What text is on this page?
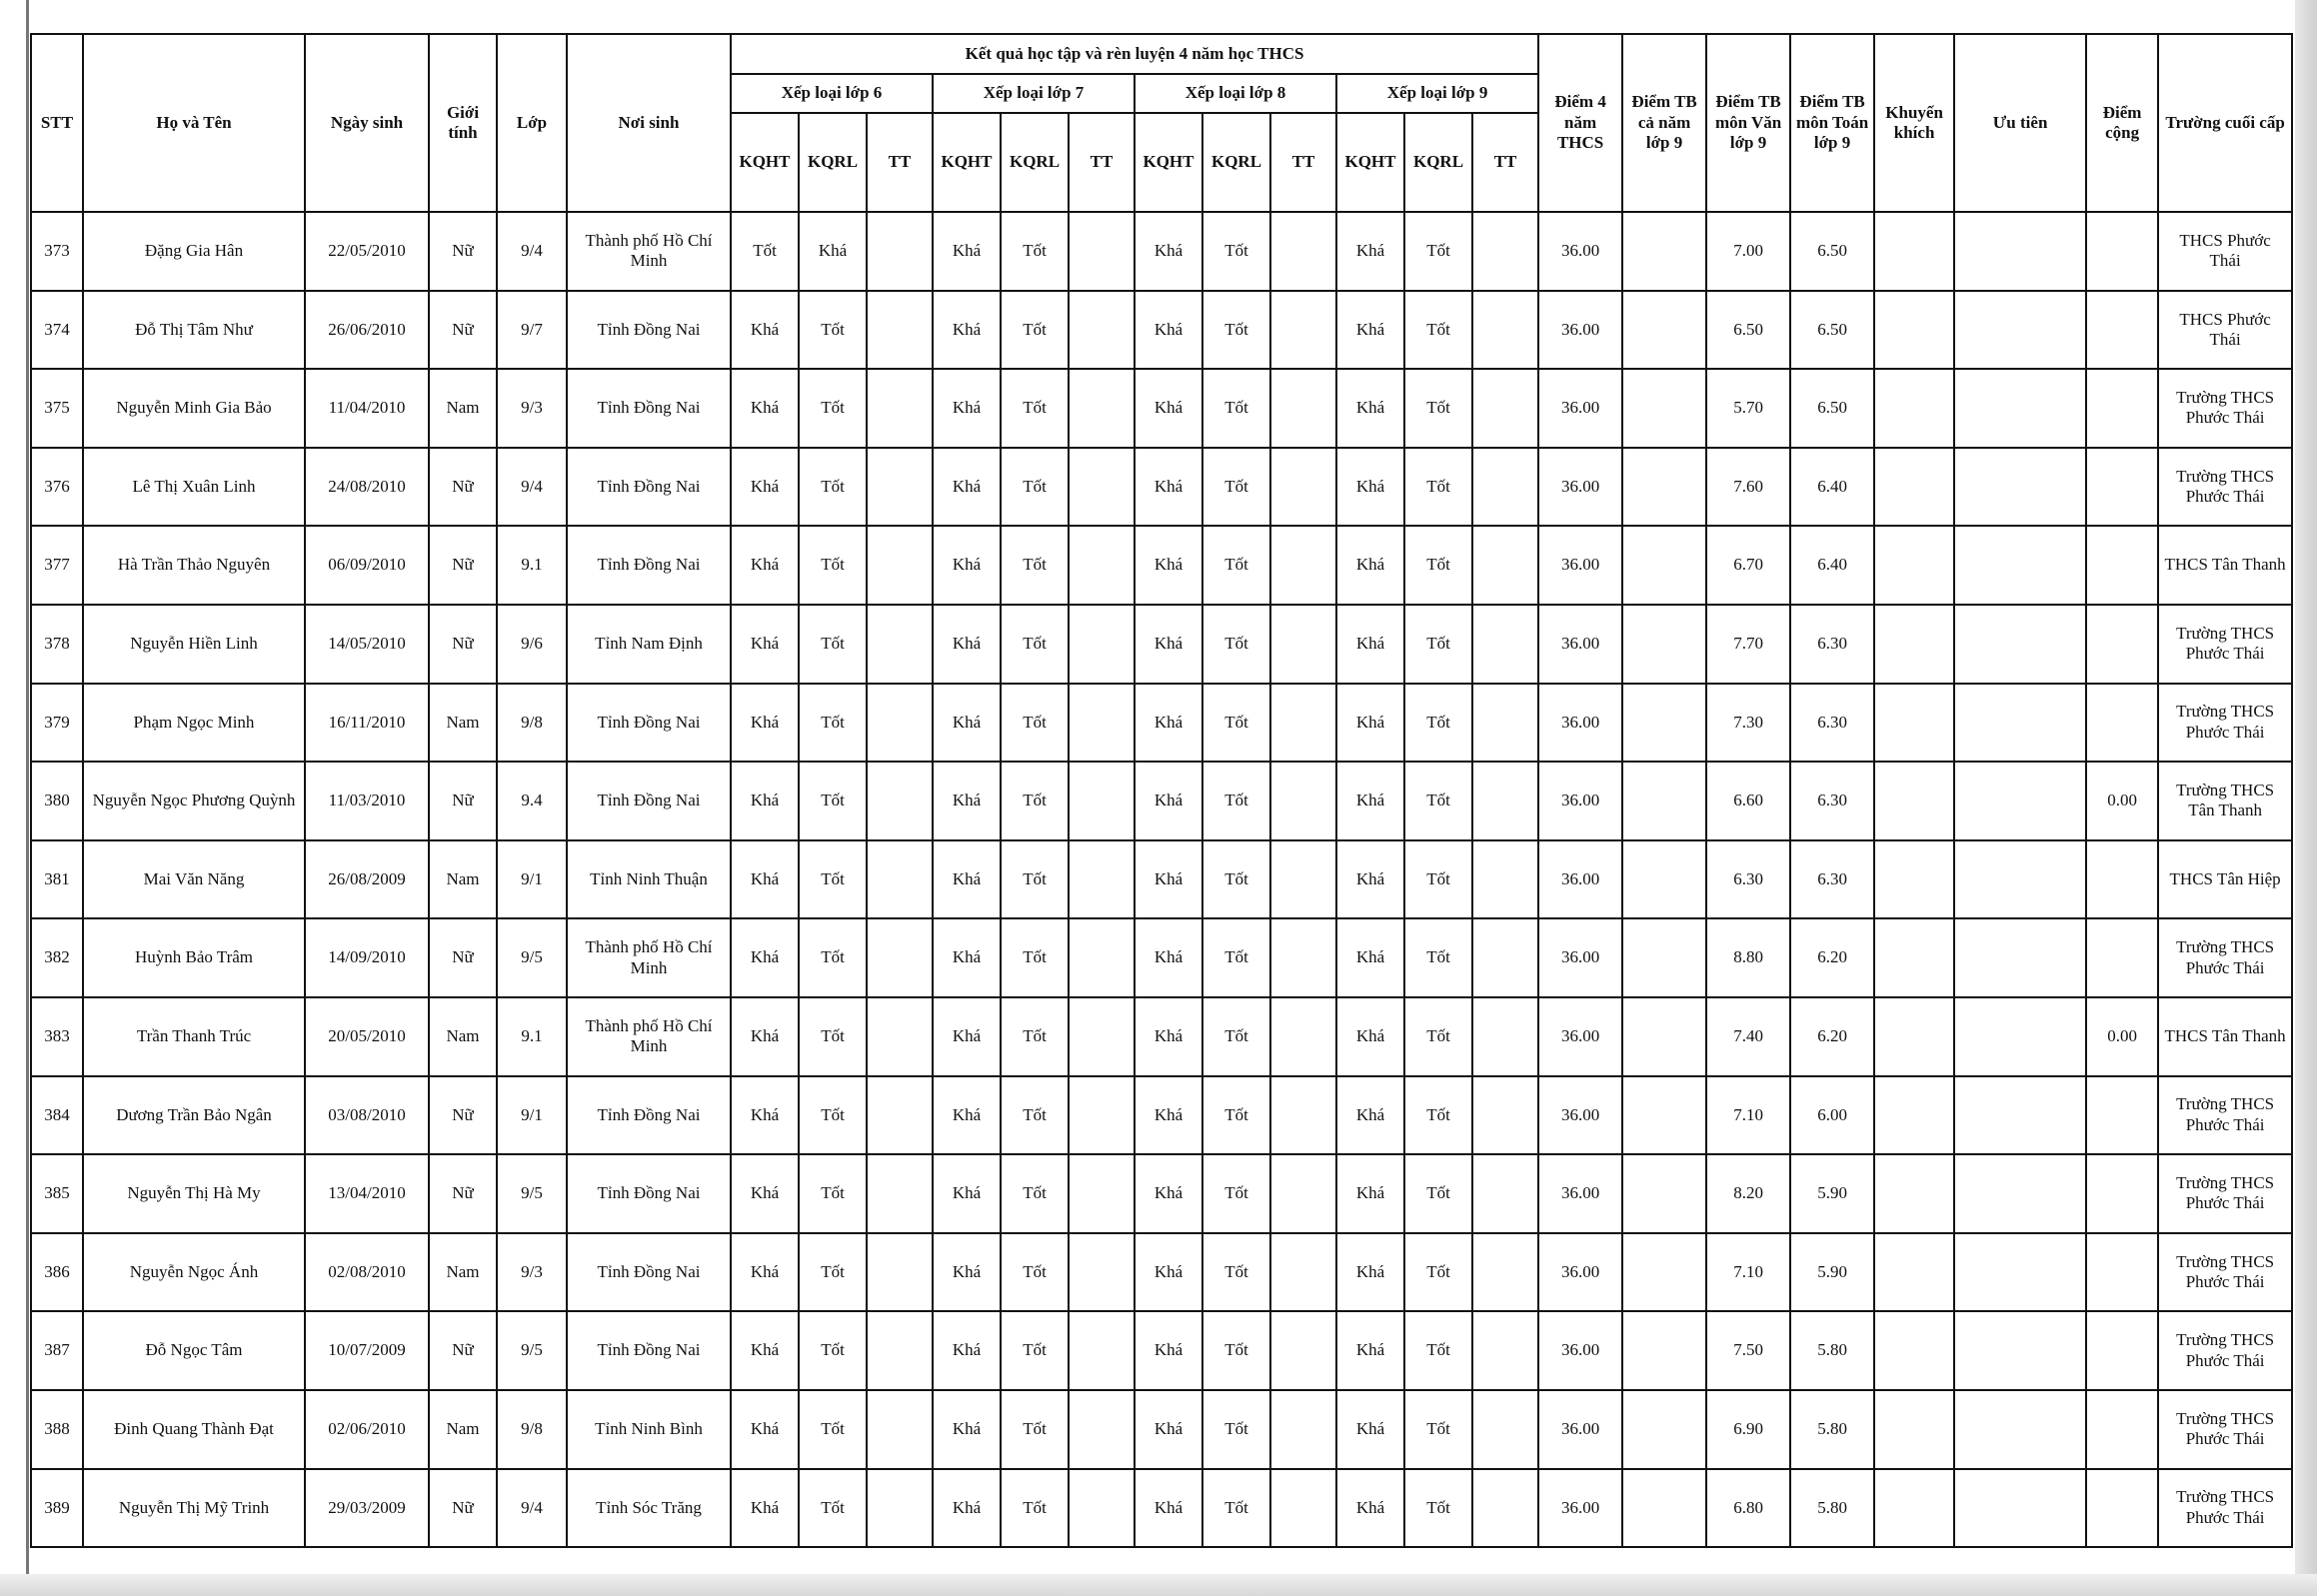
STT	Họ và Tên	Ngày sinh	Giới tính	Lớp	Nơi sinh	Kết quả học tập và rèn luyện 4 năm học THCS												Điểm 4 năm THCS	Điểm TB cả năm lớp 9	Điểm TB môn Văn lớp 9	Điểm TB môn Toán lớp 9	Khuyến khích	Ưu tiên	Điểm cộng	Trường cuối cấp
						Xếp loại lớp 6			Xếp loại lớp 7			Xếp loại lớp 8			Xếp loại lớp 9										
						KQHT	KQRL	TT	KQHT	KQRL	TT	KQHT	KQRL	TT	KQHT	KQRL	TT								
373	Đặng Gia Hân	22/05/2010	Nữ	9/4	Thành phố Hồ Chí Minh	Tốt	Khá		Khá	Tốt		Khá	Tốt		Khá	Tốt		36.00		7.00	6.50				THCS Phước Thái
374	Đỗ Thị Tâm Như	26/06/2010	Nữ	9/7	Tỉnh Đồng Nai	Khá	Tốt		Khá	Tốt		Khá	Tốt		Khá	Tốt		36.00		6.50	6.50				THCS Phước Thái
375	Nguyễn Minh Gia Bảo	11/04/2010	Nam	9/3	Tỉnh Đồng Nai	Khá	Tốt		Khá	Tốt		Khá	Tốt		Khá	Tốt		36.00		5.70	6.50				Trường THCS Phước Thái
376	Lê Thị Xuân Linh	24/08/2010	Nữ	9/4	Tỉnh Đồng Nai	Khá	Tốt		Khá	Tốt		Khá	Tốt		Khá	Tốt		36.00		7.60	6.40				Trường THCS Phước Thái
377	Hà Trần Thảo Nguyên	06/09/2010	Nữ	9.1	Tỉnh Đồng Nai	Khá	Tốt		Khá	Tốt		Khá	Tốt		Khá	Tốt		36.00		6.70	6.40				THCS Tân Thanh
378	Nguyễn Hiền Linh	14/05/2010	Nữ	9/6	Tỉnh Nam Định	Khá	Tốt		Khá	Tốt		Khá	Tốt		Khá	Tốt		36.00		7.70	6.30				Trường THCS Phước Thái
379	Phạm Ngọc Minh	16/11/2010	Nam	9/8	Tỉnh Đồng Nai	Khá	Tốt		Khá	Tốt		Khá	Tốt		Khá	Tốt		36.00		7.30	6.30				Trường THCS Phước Thái
380	Nguyễn Ngọc Phương Quỳnh	11/03/2010	Nữ	9.4	Tỉnh Đồng Nai	Khá	Tốt		Khá	Tốt		Khá	Tốt		Khá	Tốt		36.00		6.60	6.30			0.00	Trường THCS Tân Thanh
381	Mai Văn Năng	26/08/2009	Nam	9/1	Tỉnh Ninh Thuận	Khá	Tốt		Khá	Tốt		Khá	Tốt		Khá	Tốt		36.00		6.30	6.30				THCS Tân Hiệp
382	Huỳnh Bảo Trâm	14/09/2010	Nữ	9/5	Thành phố Hồ Chí Minh	Khá	Tốt		Khá	Tốt		Khá	Tốt		Khá	Tốt		36.00		8.80	6.20				Trường THCS Phước Thái
383	Trần Thanh Trúc	20/05/2010	Nam	9.1	Thành phố Hồ Chí Minh	Khá	Tốt		Khá	Tốt		Khá	Tốt		Khá	Tốt		36.00		7.40	6.20			0.00	THCS Tân Thanh
384	Dương Trần Bảo Ngân	03/08/2010	Nữ	9/1	Tỉnh Đồng Nai	Khá	Tốt		Khá	Tốt		Khá	Tốt		Khá	Tốt		36.00		7.10	6.00				Trường THCS Phước Thái
385	Nguyễn Thị Hà My	13/04/2010	Nữ	9/5	Tỉnh Đồng Nai	Khá	Tốt		Khá	Tốt		Khá	Tốt		Khá	Tốt		36.00		8.20	5.90				Trường THCS Phước Thái
386	Nguyễn Ngọc Ánh	02/08/2010	Nam	9/3	Tỉnh Đồng Nai	Khá	Tốt		Khá	Tốt		Khá	Tốt		Khá	Tốt		36.00		7.10	5.90				Trường THCS Phước Thái
387	Đỗ Ngọc Tâm	10/07/2009	Nữ	9/5	Tỉnh Đồng Nai	Khá	Tốt		Khá	Tốt		Khá	Tốt		Khá	Tốt		36.00		7.50	5.80				Trường THCS Phước Thái
388	Đinh Quang Thành Đạt	02/06/2010	Nam	9/8	Tỉnh Ninh Bình	Khá	Tốt		Khá	Tốt		Khá	Tốt		Khá	Tốt		36.00		6.90	5.80				Trường THCS Phước Thái
389	Nguyễn Thị Mỹ Trinh	29/03/2009	Nữ	9/4	Tỉnh Sóc Trăng	Khá	Tốt		Khá	Tốt		Khá	Tốt		Khá	Tốt		36.00		6.80	5.80				Trường THCS Phước Thái
